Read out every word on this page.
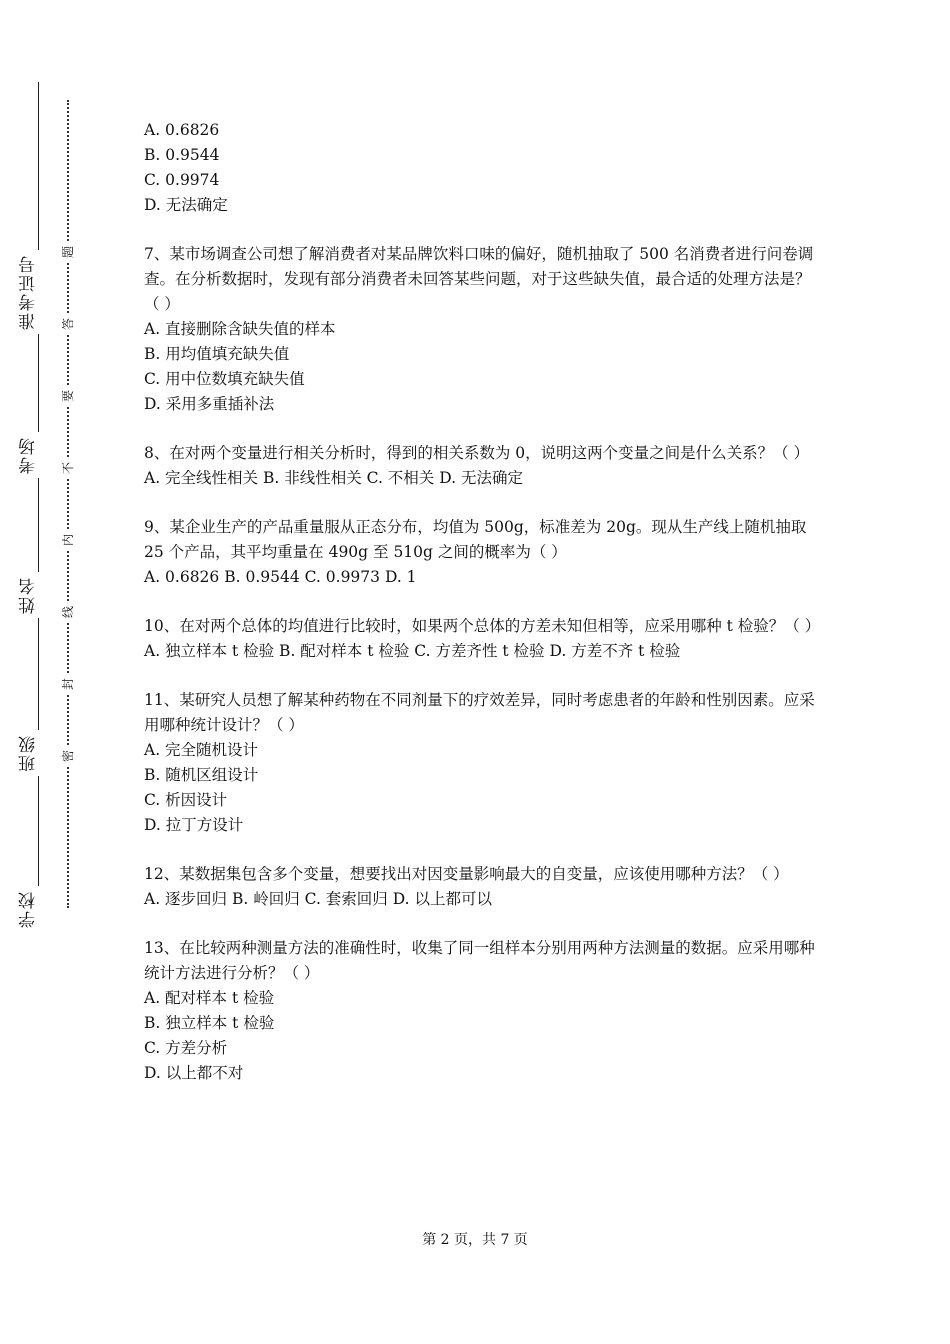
准考证号
考场
姓名
班级
学校
题
答
要
不
内
线
封
密
A. 0.6826
B. 0.9544
C. 0.9974
D. 无法确定
7、某市场调查公司想了解消费者对某品牌饮料口味的偏好，随机抽取了 500 名消费者进行问卷调查。在分析数据时，发现有部分消费者未回答某些问题，对于这些缺失值，最合适的处理方法是？（ ）
A. 直接删除含缺失值的样本
B. 用均值填充缺失值
C. 用中位数填充缺失值
D. 采用多重插补法
8、在对两个变量进行相关分析时，得到的相关系数为 0，说明这两个变量之间是什么关系？（ ）
A. 完全线性相关 B. 非线性相关 C. 不相关 D. 无法确定
9、某企业生产的产品重量服从正态分布，均值为 500g，标准差为 20g。现从生产线上随机抽取 25 个产品，其平均重量在 490g 至 510g 之间的概率为（ ）
A. 0.6826 B. 0.9544 C. 0.9973 D. 1
10、在对两个总体的均值进行比较时，如果两个总体的方差未知但相等，应采用哪种 t 检验？（ ）
A. 独立样本 t 检验 B. 配对样本 t 检验 C. 方差齐性 t 检验 D. 方差不齐 t 检验
11、某研究人员想了解某种药物在不同剂量下的疗效差异，同时考虑患者的年龄和性别因素。应采用哪种统计设计？（ ）
A. 完全随机设计
B. 随机区组设计
C. 析因设计
D. 拉丁方设计
12、某数据集包含多个变量，想要找出对因变量影响最大的自变量，应该使用哪种方法？（ ）
A. 逐步回归 B. 岭回归 C. 套索回归 D. 以上都可以
13、在比较两种测量方法的准确性时，收集了同一组样本分别用两种方法测量的数据。应采用哪种统计方法进行分析？（ ）
A. 配对样本 t 检验
B. 独立样本 t 检验
C. 方差分析
D. 以上都不对
第 2 页，共 7 页
